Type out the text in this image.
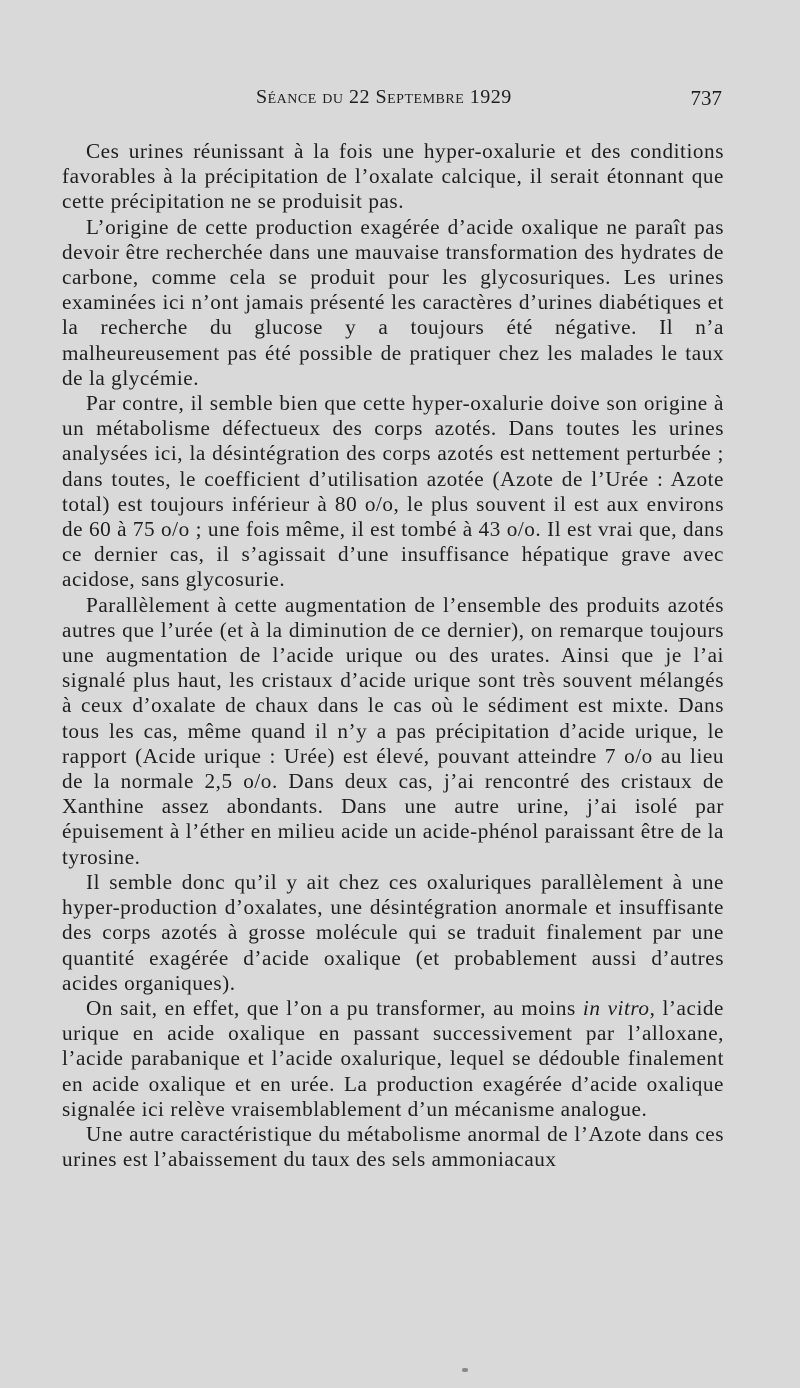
Séance du 22 Septembre 1929	737

Ces urines réunissant à la fois une hyper-oxalurie et des conditions favorables à la précipitation de l’oxalate calcique, il serait étonnant que cette précipitation ne se produisit pas.

L’origine de cette production exagérée d’acide oxalique ne paraît pas devoir être recherchée dans une mauvaise transformation des hydrates de carbone, comme cela se produit pour les glycosuriques. Les urines examinées ici n’ont jamais présenté les caractères d’urines diabétiques et la recherche du glucose y a toujours été négative. Il n’a malheureusement pas été possible de pratiquer chez les malades le taux de la glycémie.

Par contre, il semble bien que cette hyper-oxalurie doive son origine à un métabolisme défectueux des corps azotés. Dans toutes les urines analysées ici, la désintégration des corps azotés est nettement perturbée ; dans toutes, le coefficient d’utilisation azotée (Azote de l’Urée : Azote total) est toujours inférieur à 80 o/o, le plus souvent il est aux environs de 60 à 75 o/o ; une fois même, il est tombé à 43 o/o. Il est vrai que, dans ce dernier cas, il s’agissait d’une insuffisance hépatique grave avec acidose, sans glycosurie.

Parallèlement à cette augmentation de l’ensemble des produits azotés autres que l’urée (et à la diminution de ce dernier), on remarque toujours une augmentation de l’acide urique ou des urates. Ainsi que je l’ai signalé plus haut, les cristaux d’acide urique sont très souvent mélangés à ceux d’oxalate de chaux dans le cas où le sédiment est mixte. Dans tous les cas, même quand il n’y a pas précipitation d’acide urique, le rapport (Acide urique : Urée) est élevé, pouvant atteindre 7 o/o au lieu de la normale 2,5 o/o. Dans deux cas, j’ai rencontré des cristaux de Xanthine assez abondants. Dans une autre urine, j’ai isolé par épuisement à l’éther en milieu acide un acide-phénol paraissant être de la tyrosine.

Il semble donc qu’il y ait chez ces oxaluriques parallèlement à une hyper-production d’oxalates, une désintégration anormale et insuffisante des corps azotés à grosse molécule qui se traduit finalement par une quantité exagérée d’acide oxalique (et probablement aussi d’autres acides organiques).

On sait, en effet, que l’on a pu transformer, au moins in vitro, l’acide urique en acide oxalique en passant successivement par l’alloxane, l’acide parabanique et l’acide oxalurique, lequel se dédouble finalement en acide oxalique et en urée. La production exagérée d’acide oxalique signalée ici relève vraisemblablement d’un mécanisme analogue.

Une autre caractéristique du métabolisme anormal de l’Azote dans ces urines est l’abaissement du taux des sels ammoniacaux
